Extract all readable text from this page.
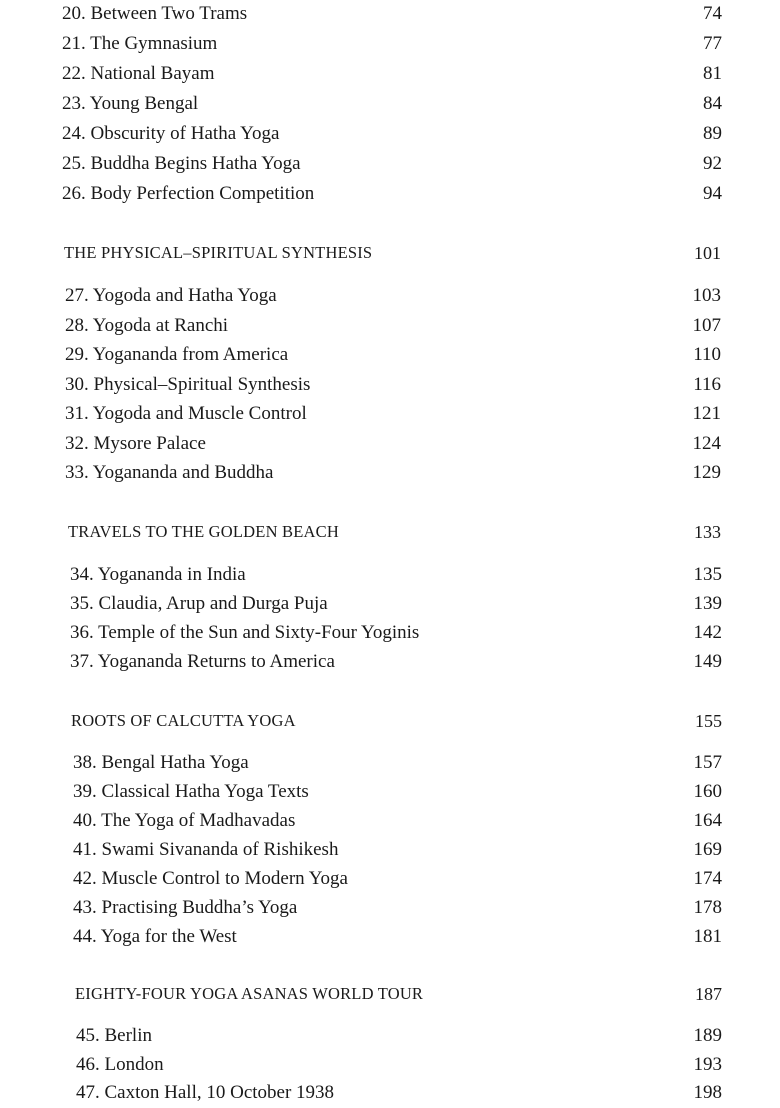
20. Between Two Trams	74
21. The Gymnasium	77
22. National Bayam	81
23. Young Bengal	84
24. Obscurity of Hatha Yoga	89
25. Buddha Begins Hatha Yoga	92
26. Body Perfection Competition	94
THE PHYSICAL–SPIRITUAL SYNTHESIS	101
27. Yogoda and Hatha Yoga	103
28. Yogoda at Ranchi	107
29. Yogananda from America	110
30. Physical–Spiritual Synthesis	116
31. Yogoda and Muscle Control	121
32. Mysore Palace	124
33. Yogananda and Buddha	129
TRAVELS TO THE GOLDEN BEACH	133
34. Yogananda in India	135
35. Claudia, Arup and Durga Puja	139
36. Temple of the Sun and Sixty-Four Yoginis	142
37. Yogananda Returns to America	149
ROOTS OF CALCUTTA YOGA	155
38. Bengal Hatha Yoga	157
39. Classical Hatha Yoga Texts	160
40. The Yoga of Madhavadas	164
41. Swami Sivananda of Rishikesh	169
42. Muscle Control to Modern Yoga	174
43. Practising Buddha’s Yoga	178
44. Yoga for the West	181
EIGHTY-FOUR YOGA ASANAS WORLD TOUR	187
45. Berlin	189
46. London	193
47. Caxton Hall, 10 October 1938	198
